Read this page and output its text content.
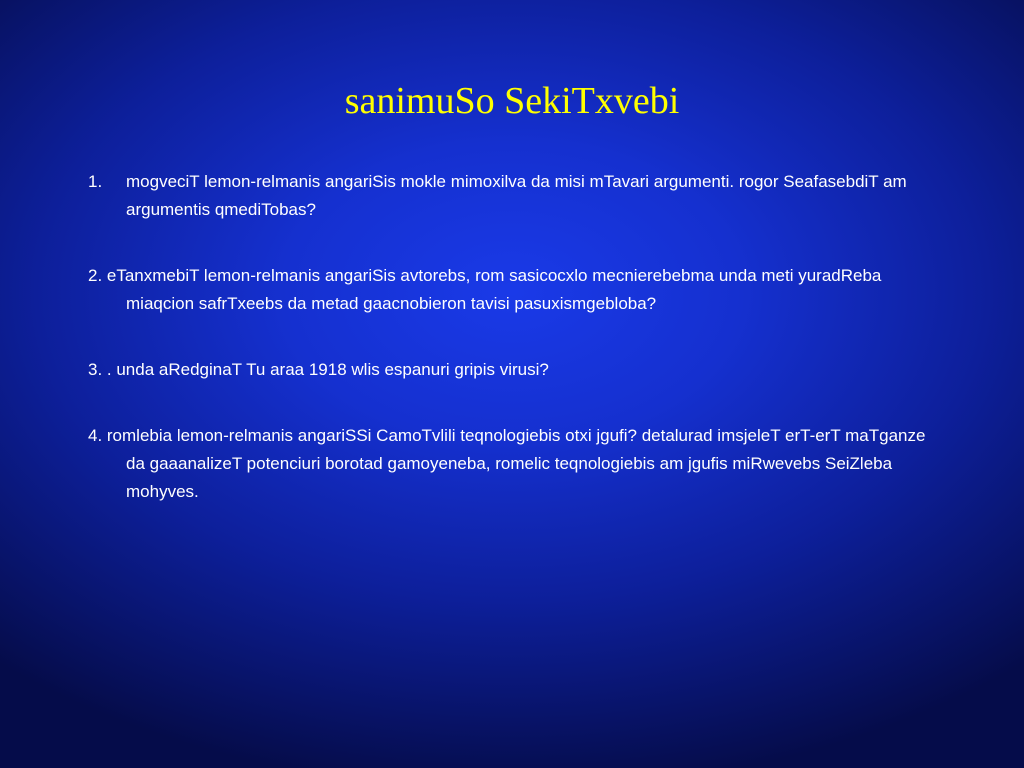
sanimuSo SekiTxvebi
1. mogveciT lemon-relmanis angariSis mokle mimoxilva da misi mTavari argumenti. rogor SeafasebdiT am argumentis qmediTobas?
2. eTanxmebiT lemon-relmanis angariSis avtorebs, rom sasicocxlo mecnierebebma unda meti yuradReba miaqcion safrTxeebs da metad gaacnobieron tavisi pasuxismgebloba?
3. . unda aRedginaT Tu araa 1918 wlis espanuri gripis virusi?
4. romlebia lemon-relmanis angariSSi CamoTvlili teqnologiebis otxi jgufi? detalurad imsjeleT erT-erT maTganze da gaaanalizeT potenciuri borotad gamoyeneba, romelic teqnologiebis am jgufis miRwevebs SeiZleba mohyves.
